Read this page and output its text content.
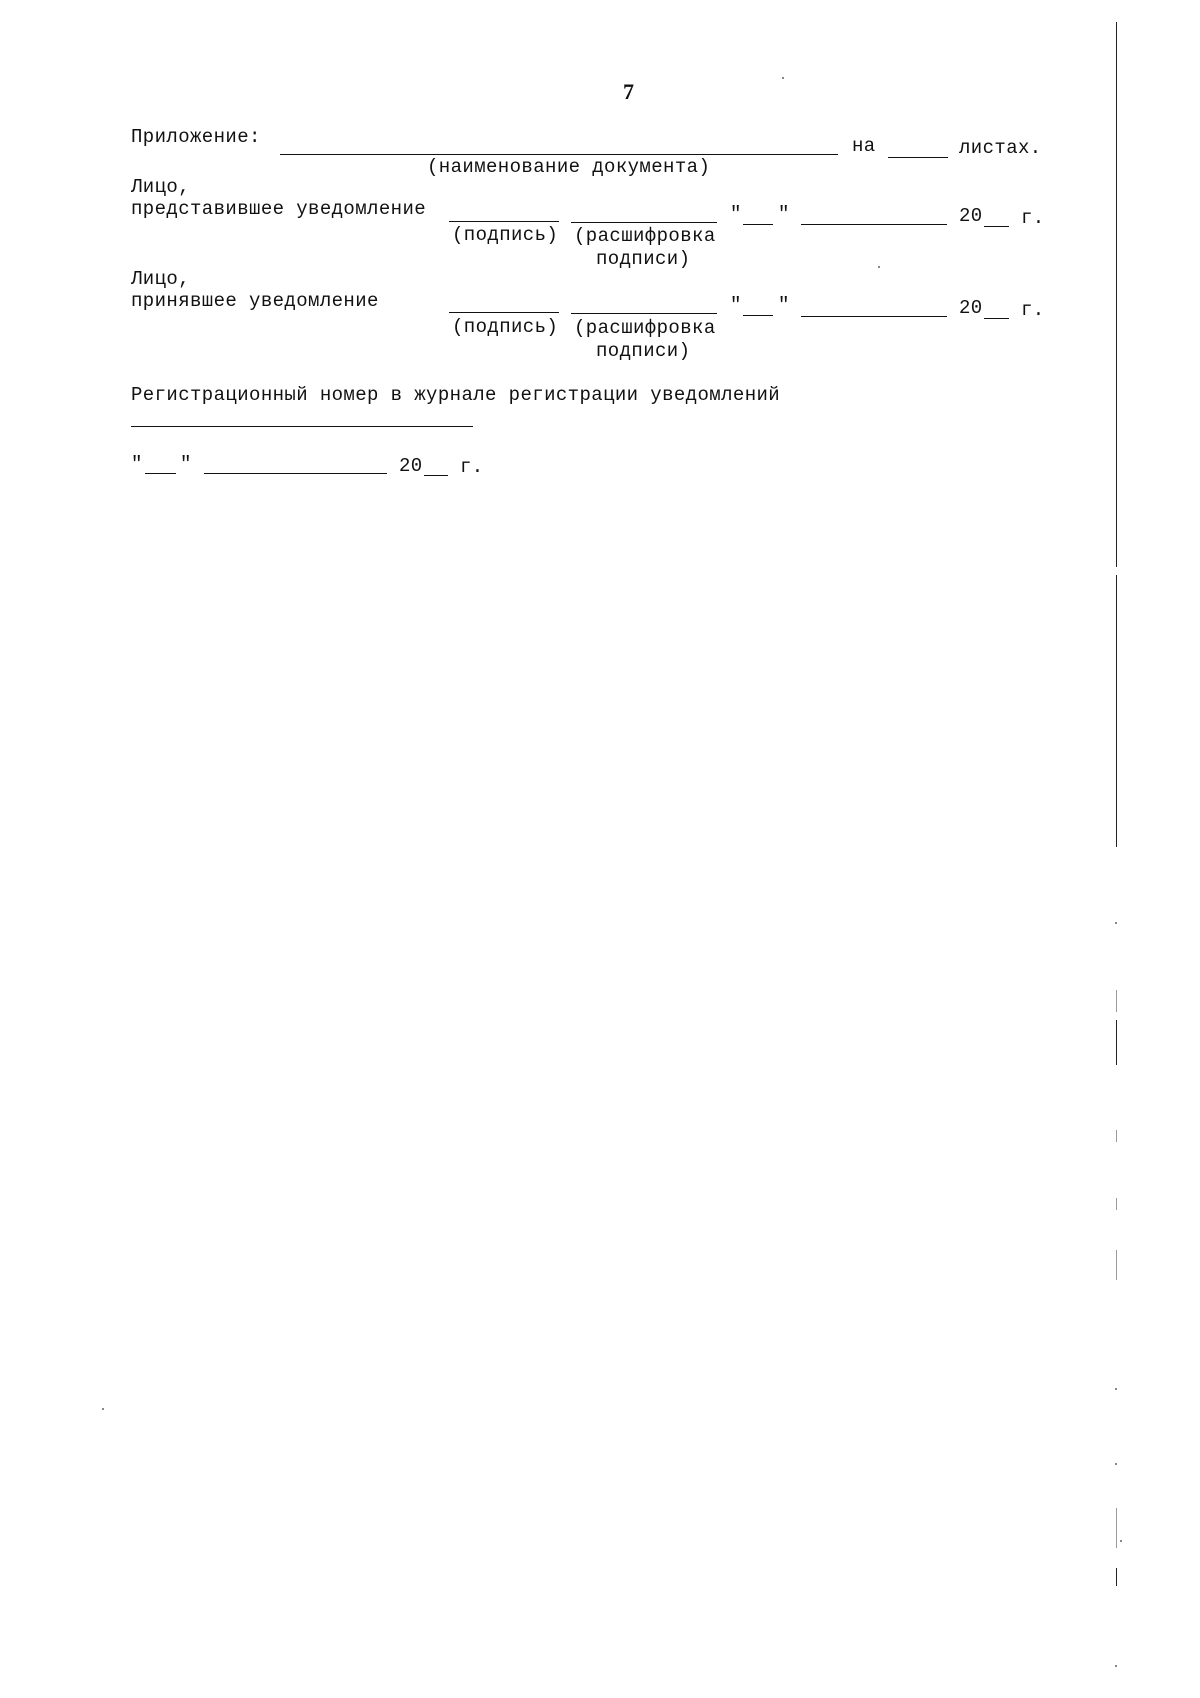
7
Приложение:	на	листах.
(наименование документа)
Лицо,
представившее уведомление	" "	20 г.
(подпись) (расшифровка
подписи)
Лицо,
принявшее уведомление	" "	20 г.
(подпись) (расшифровка
подписи)
Регистрационный номер в журнале регистрации уведомлений
" "	20 г.
